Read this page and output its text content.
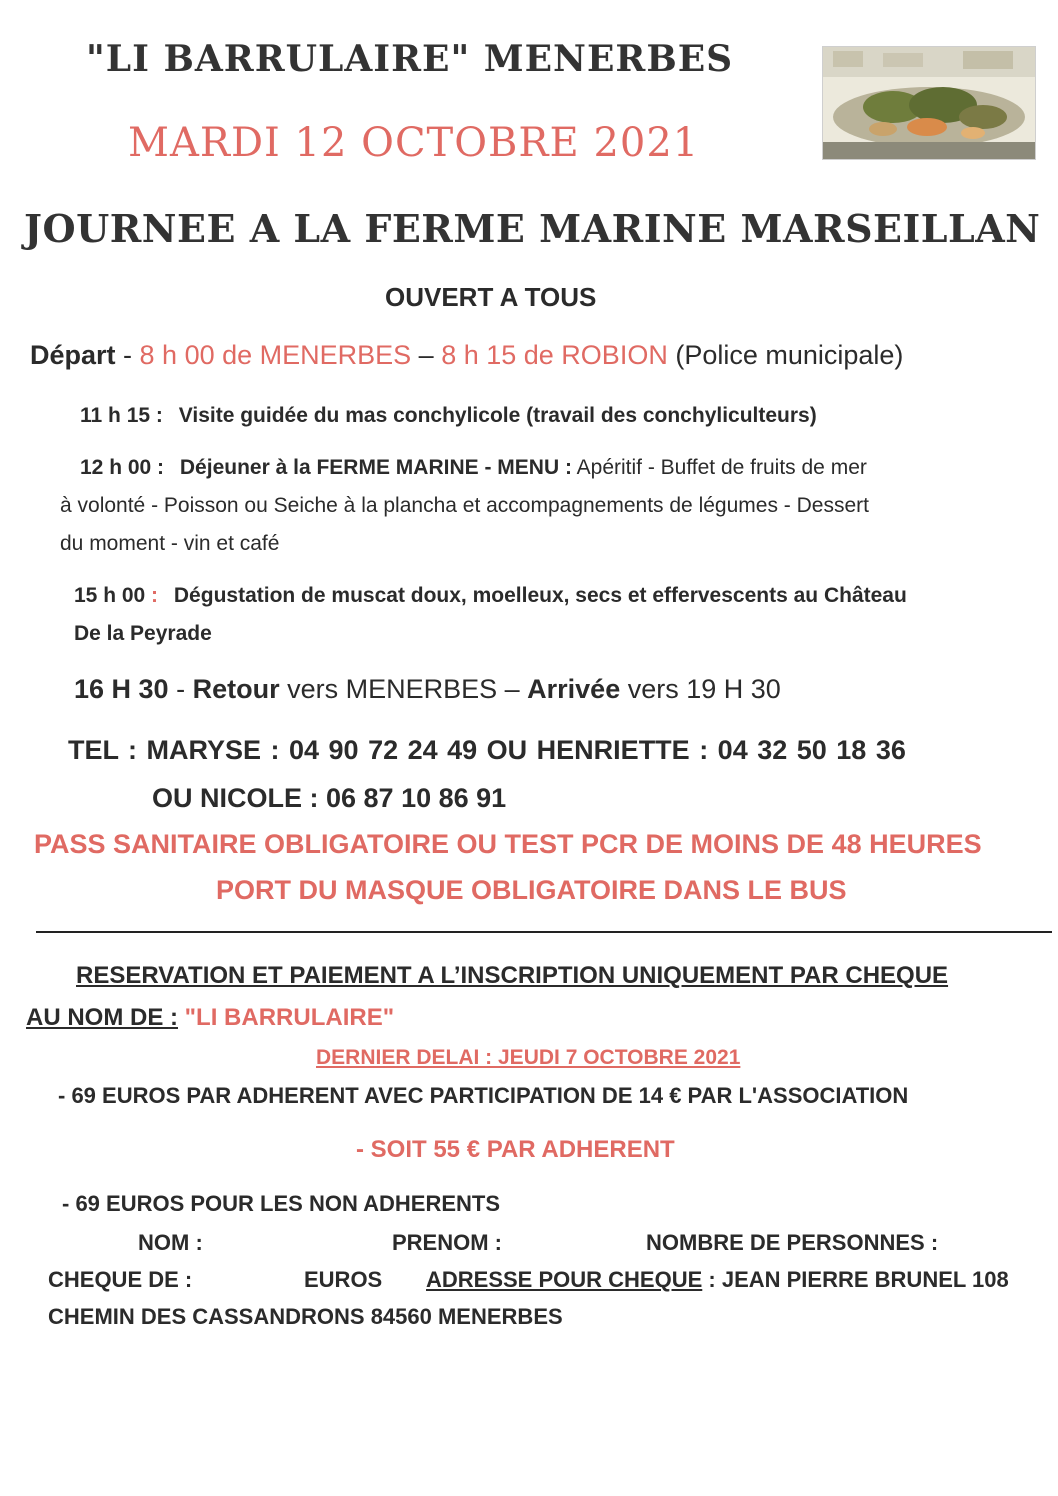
"LI BARRULAIRE" MENERBES
MARDI 12 OCTOBRE 2021
JOURNEE A LA FERME MARINE MARSEILLAN
OUVERT A TOUS
Départ - 8 h 00 de MENERBES – 8 h 15 de ROBION (Police municipale)
11 h 15 : Visite guidée du mas conchylicole (travail des conchyliculteurs)
12 h 00 : Déjeuner à la FERME MARINE - MENU : Apéritif - Buffet de fruits de mer
à volonté - Poisson ou Seiche à la plancha et accompagnements de légumes - Dessert
du moment - vin et café
15 h 00 : Dégustation de muscat doux, moelleux, secs et effervescents au Château
De la Peyrade
16 H 30 - Retour vers MENERBES – Arrivée vers 19 H 30
TEL : MARYSE : 04 90 72 24 49 OU HENRIETTE : 04 32 50 18 36
OU NICOLE : 06 87 10 86 91
PASS SANITAIRE OBLIGATOIRE OU TEST PCR DE MOINS DE 48 HEURES
PORT DU MASQUE OBLIGATOIRE DANS LE BUS
RESERVATION ET PAIEMENT A L’INSCRIPTION UNIQUEMENT PAR CHEQUE
AU NOM DE : "LI BARRULAIRE"
DERNIER DELAI : JEUDI 7 OCTOBRE 2021
- 69 EUROS PAR ADHERENT AVEC PARTICIPATION DE 14 € PAR L'ASSOCIATION
- SOIT 55 € PAR ADHERENT
- 69 EUROS POUR LES NON ADHERENTS
NOM :	PRENOM :	NOMBRE DE PERSONNES :
CHEQUE DE :	EUROS ADRESSE POUR CHEQUE : JEAN PIERRE BRUNEL 108
CHEMIN DES CASSANDRONS 84560 MENERBES
